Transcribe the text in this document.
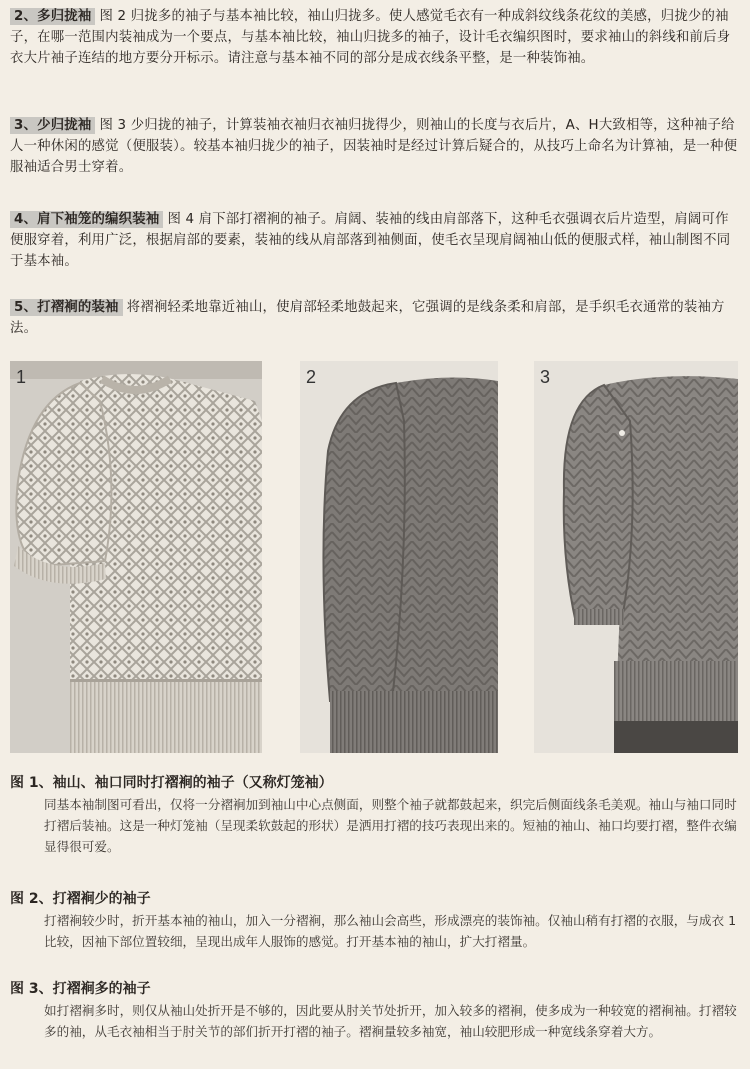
2、多归拢袖 图 2 归拢多的袖子与基本袖比较，袖山归拢多。使人感觉毛衣有一种成斜纹线条花纹的美感，归拢少的袖子，在哪一范围内装袖成为一个要点，与基本袖比较，袖山归拢多的袖子，设计毛衣编织图时，要求袖山的斜线和前后身衣大片袖子连结的地方要分开标示。请注意与基本袖不同的部分是成衣线条平整，是一种装饰袖。
3、少归拢袖 图 3 少归拢的袖子，计算装袖衣袖归衣袖归拢得少，则袖山的长度与衣后片，A、H大致相等，这种袖子给人一种休闲的感觉（便服装）。较基本袖归拢少的袖子，因装袖时是经过计算后疑合的，从技巧上命名为计算袖，是一种便服袖适合男士穿着。
4、肩下袖笼的编织装袖 图 4 肩下部打褶裥的袖子。肩阔、装袖的线由肩部落下，这种毛衣强调衣后片造型，肩阔可作便服穿着，利用广泛，根据肩部的要素，装袖的线从肩部落到袖侧面，使毛衣呈现肩阔袖山低的便服式样，袖山制图不同于基本袖。
5、打褶裥的装袖 将褶裥轻柔地靠近袖山，使肩部轻柔地鼓起来，它强调的是线条柔和肩部，是手织毛衣通常的装袖方法。
1	2	3
图 1、袖山、袖口同时打褶裥的袖子（又称灯笼袖）
同基本袖制图可看出，仅将一分褶裥加到袖山中心点侧面，则整个袖子就都鼓起来，织完后侧面线条毛美观。袖山与袖口同时打褶后装袖。这是一种灯笼袖（呈现柔软鼓起的形状）是洒用打褶的技巧表现出来的。短袖的袖山、袖口均要打褶，整件衣编显得很可爱。
图 2、打褶裥少的袖子
打褶裥较少时，折开基本袖的袖山，加入一分褶裥，那么袖山会高些，形成漂亮的装饰袖。仅袖山稍有打褶的衣服，与成衣 1 比较，因袖下部位置较细，呈现出成年人服饰的感觉。打开基本袖的袖山，扩大打褶量。
图 3、打褶裥多的袖子
如打褶裥多时，则仅从袖山处折开是不够的，因此要从肘关节处折开，加入较多的褶裥，使多成为一种较宽的褶裥袖。打褶较多的袖，从毛衣袖相当于肘关节的部们折开打褶的袖子。褶裥量较多袖宽，袖山较肥形成一种宽线条穿着大方。
